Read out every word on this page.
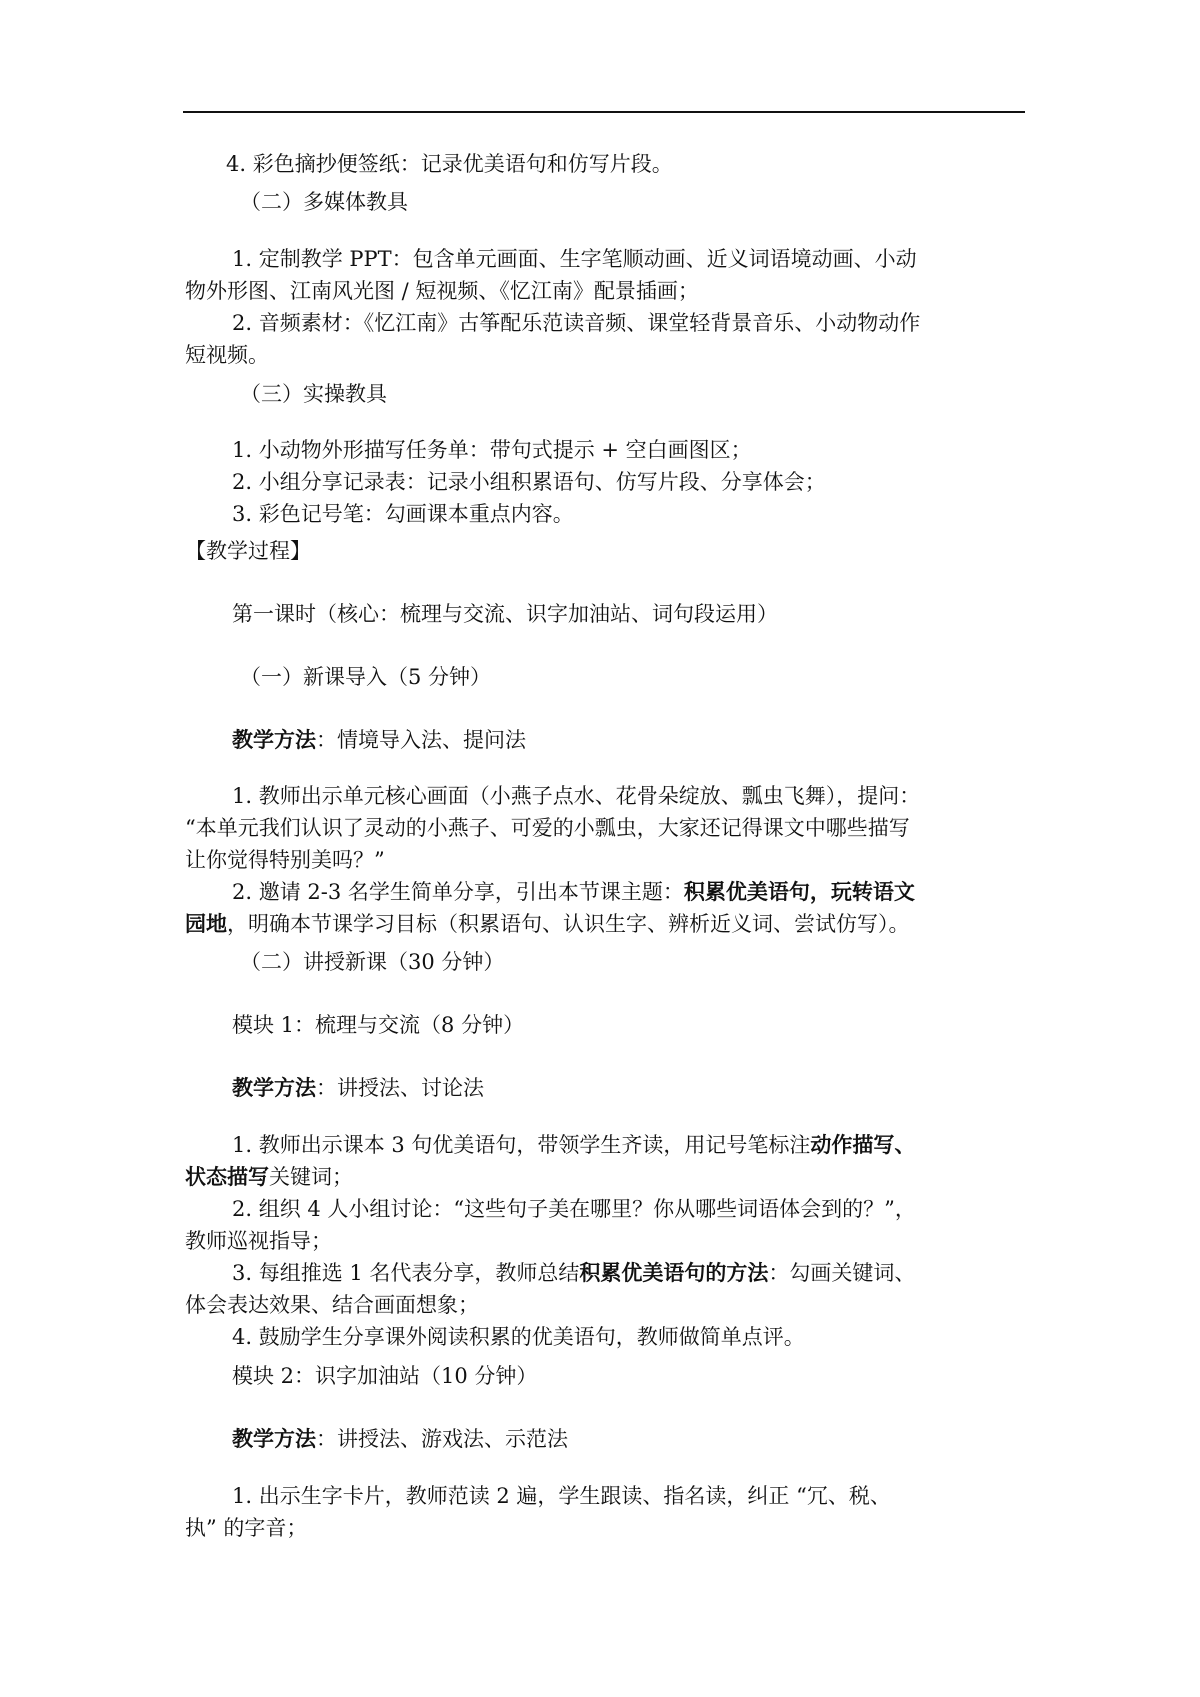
4. 彩色摘抄便签纸：记录优美语句和仿写片段。
（二）多媒体教具
1. 定制教学 PPT：包含单元画面、生字笔顺动画、近义词语境动画、小动
物外形图、江南风光图 / 短视频、《忆江南》配景插画；
2. 音频素材：《忆江南》古筝配乐范读音频、课堂轻背景音乐、小动物动作
短视频。
（三）实操教具
1. 小动物外形描写任务单：带句式提示 + 空白画图区；
2. 小组分享记录表：记录小组积累语句、仿写片段、分享体会；
3. 彩色记号笔：勾画课本重点内容。
【教学过程】
第一课时（核心：梳理与交流、识字加油站、词句段运用）
（一）新课导入（5 分钟）
教学方法：情境导入法、提问法
1. 教师出示单元核心画面（小燕子点水、花骨朵绽放、瓢虫飞舞），提问：
“本单元我们认识了灵动的小燕子、可爱的小瓢虫，大家还记得课文中哪些描写
让你觉得特别美吗？”
2. 邀请 2-3 名学生简单分享，引出本节课主题：积累优美语句，玩转语文
园地，明确本节课学习目标（积累语句、认识生字、辨析近义词、尝试仿写）。
（二）讲授新课（30 分钟）
模块 1：梳理与交流（8 分钟）
教学方法：讲授法、讨论法
1. 教师出示课本 3 句优美语句，带领学生齐读，用记号笔标注动作描写、
状态描写关键词；
2. 组织 4 人小组讨论：“这些句子美在哪里？你从哪些词语体会到的？”，
教师巡视指导；
3. 每组推选 1 名代表分享，教师总结积累优美语句的方法：勾画关键词、
体会表达效果、结合画面想象；
4. 鼓励学生分享课外阅读积累的优美语句，教师做简单点评。
模块 2：识字加油站（10 分钟）
教学方法：讲授法、游戏法、示范法
1. 出示生字卡片，教师范读 2 遍，学生跟读、指名读，纠正 “冗、税、
执” 的字音；
